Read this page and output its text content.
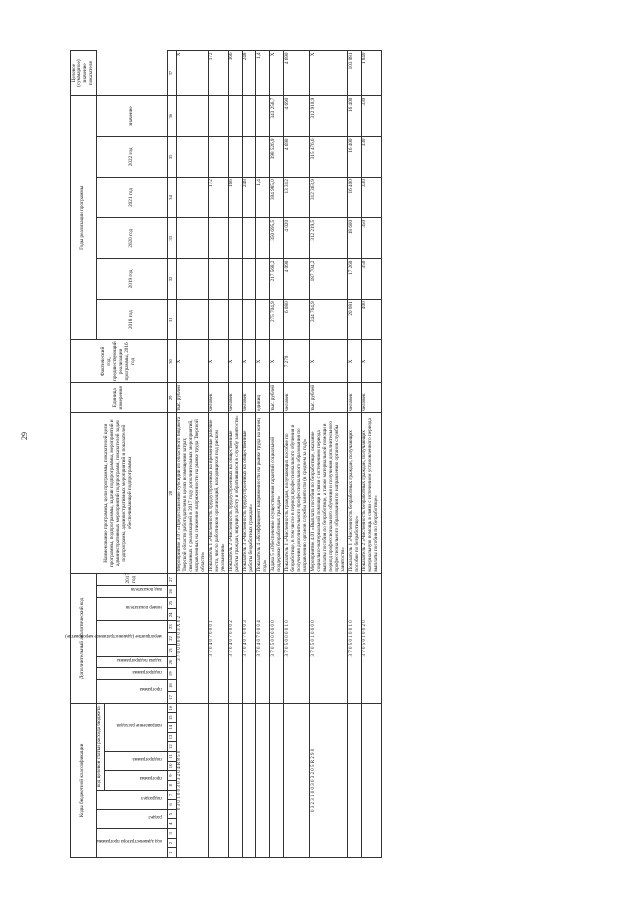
29
Коды бюджетной классификации																Дополнительный аналитический код											Наименование программы, цели программы, показателей цели программы, подпрограммы, задачи подпрограммы, мероприятий и административных мероприятий подпрограмм, показателей задач подпрограмм, административных мероприятий и показателей обеспечивающей подпрограммы	Единица измерения	Фактический год, предшествующий реализации программы, 2016 год	Годы реализации программы						Целевое (суммарное) значение показателя

код администратора программы			раздел		подраздел		код целевой статьи расхода бюджета									программа		подпрограмма	задача подпрограммы	мероприятие (административное мероприятие)			номер показателя		вид показателя	2017 год				2018 год	2019 год	2020 год	2021 год	2022 год	значение	

							программа		подпрограмма		направление расходов																									

1	2	3	4	5	6	7	8	9	10	11	12	13	14	15	16	17	18	19	20	21	22	23	24	25	26	27	28	29	30	31	32	33	34	35	36	37
0 3 0 1 0 0 3 0 3 2 0 4 R 8 5 0																3 7 0 0 0 0 0 0 3 X 0 2											Мероприятие 3.07 «Предоставление субсидии из областного бюджета Тверской области работодателям в целях возмещения затрат, связанных с реализацией в 2017 году дополнительных мероприятий, направленных на снижение напряженности на рынке труда Тверской области»	тыс. рублей	X							X
																3 7 0 4 0 7 0 0 0 1											Показатель 1 «Численность трудоустроенных на временные рабочие места, число работников организаций, находящихся под риском увольнения»	человек	X				172			172
																3 7 0 4 0 7 0 0 0 2											Показатель 2 «Численность трудоустроенных на общественные работы граждан, ищущих работу и обратившихся в службу занятости»	человек	X				166			166
																3 7 0 4 0 7 0 0 0 3											Показатель 3 «Численность трудоустроенных на общественные работы безработных граждан»	человек	X				248			248
																3 7 0 4 0 7 0 0 0 4											Показатель 4 «Коэффициент напряженности на рынке труда на конец года»	единиц	X				1,4			1,4
																3 7 0 5 0 0 0 0 0 0											Задача 5 «Обеспечение осуществления гарантий социальной поддержки безработных граждан»	тыс. рублей	X	275 704,9	217 568,2	350 695,5	304 985,0	398 526,9	343 256,7	X
																3 7 0 5 0 0 0 0 1 0											Показатель 1 «Численность граждан, получающих пособие по безработице, в том числе в период профессионального обучения и получения дополнительного профессионального образования по направлению органов службы занятости (в среднем за год)»	человек	7 270	6 080	4 090	4 020	13 312	4 690	4 690	4 690
0 3 2 3 1 0 0 3 0 3 2 0 5 R 2 9 0																3 7 0 5 0 1 0 0 0 0											Мероприятие 4.01 «Выплата пособия по безработице, оказание социально-материальной помощи в связи с истечением периода выплаты пособия по безработице, а также материальной помощи в период профессионального обучения и получения дополнительного профессионального образования по направлению органов службы занятости»	тыс. рублей	X	244 764,9	187 704,2	312 219,5	312 363,9	315 476,6	312 910,9	X
																3 7 0 5 0 1 0 0 1 0											Показатель 1 «Численность безработных граждан, получающих пособие по безработице»	человек	X	20 081	17 260	18 600	16 400	16 400	16 400	103 081
																3 7 0 5 0 1 0 0 2 0											Показатель 2 «Численность безработных граждан, получающих материальную помощь в связи с истечением установленного периода выплаты пособия по безработице»	человек	X	400	350	350	330	330	330	1 840
